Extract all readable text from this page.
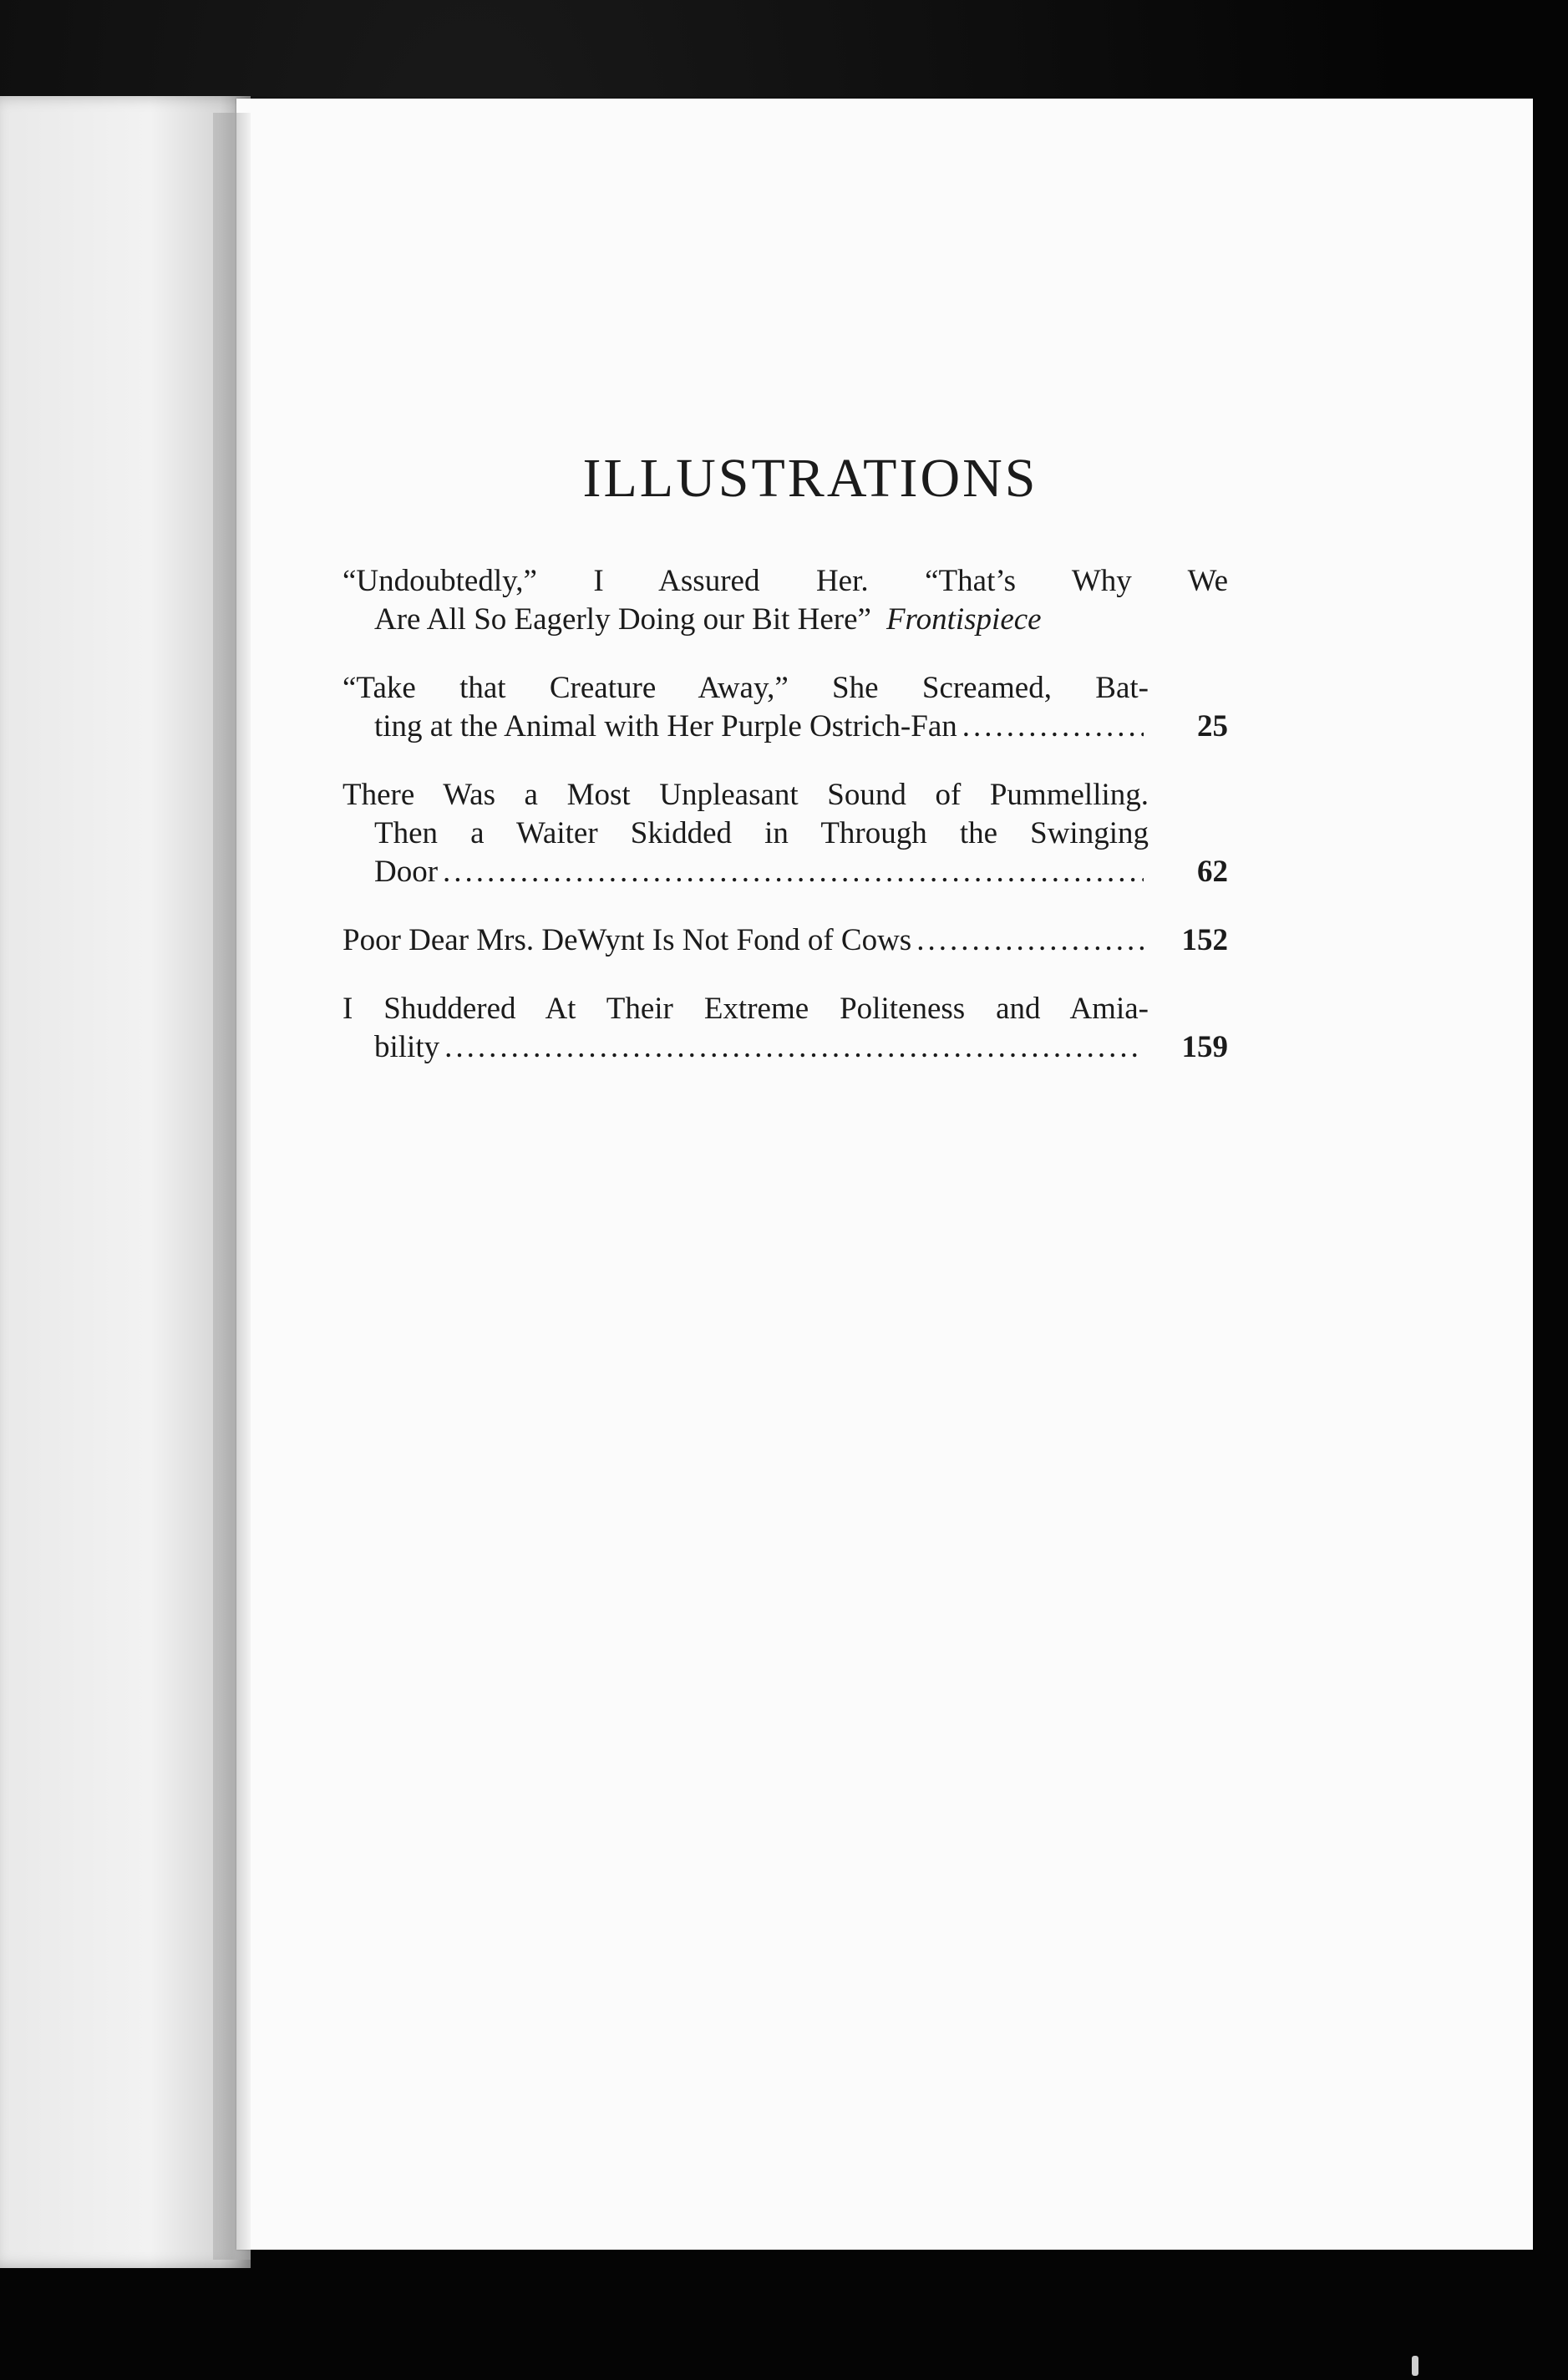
ILLUSTRATIONS
“Undoubtedly,” I Assured Her. “That’s Why We
Are All So Eagerly Doing our Bit Here” Frontispiece
“Take that Creature Away,” She Screamed, Bat-
ting at the Animal with Her Purple Ostrich-Fan .....	25
There Was a Most Unpleasant Sound of Pummelling.
Then a Waiter Skidded in Through the Swinging
Door .....	62
Poor Dear Mrs. DeWynt Is Not Fond of Cows .....	152
I Shuddered At Their Extreme Politeness and Amia-
bility .....	159
